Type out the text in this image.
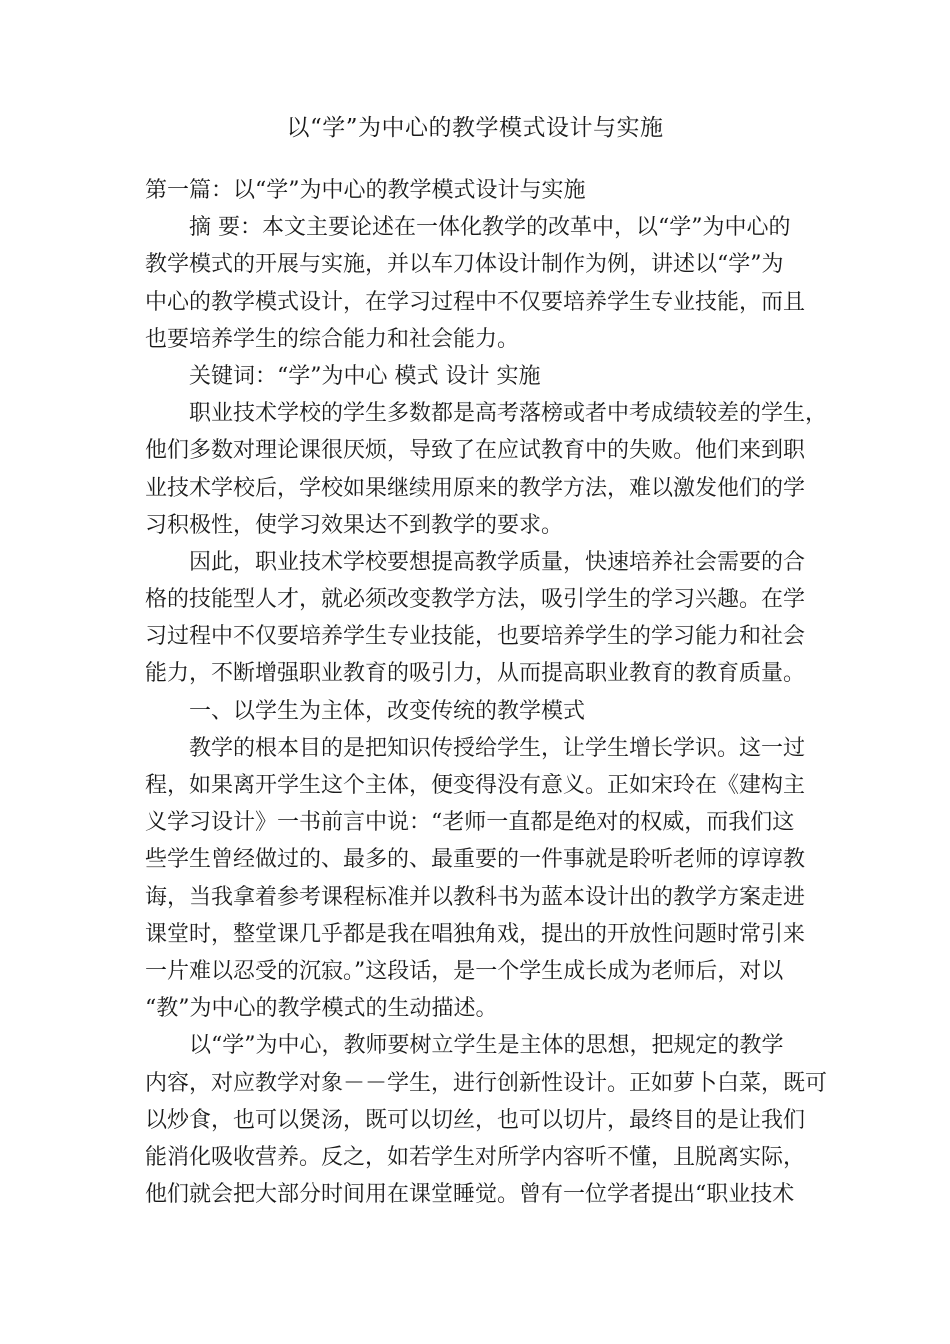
以“学”为中心的教学模式设计与实施
第一篇：以“学”为中心的教学模式设计与实施
摘 要：本文主要论述在一体化教学的改革中，以“学”为中心的
教学模式的开展与实施，并以车刀体设计制作为例，讲述以“学”为
中心的教学模式设计，在学习过程中不仅要培养学生专业技能，而且
也要培养学生的综合能力和社会能力。
关键词：“学”为中心 模式 设计 实施
职业技术学校的学生多数都是高考落榜或者中考成绩较差的学生，
他们多数对理论课很厌烦，导致了在应试教育中的失败。他们来到职
业技术学校后，学校如果继续用原来的教学方法，难以激发他们的学
习积极性，使学习效果达不到教学的要求。
因此，职业技术学校要想提高教学质量，快速培养社会需要的合
格的技能型人才，就必须改变教学方法，吸引学生的学习兴趣。在学
习过程中不仅要培养学生专业技能，也要培养学生的学习能力和社会
能力，不断增强职业教育的吸引力，从而提高职业教育的教育质量。
一、以学生为主体，改变传统的教学模式
教学的根本目的是把知识传授给学生，让学生增长学识。这一过
程，如果离开学生这个主体，便变得没有意义。正如宋玲在《建构主
义学习设计》一书前言中说：“老师一直都是绝对的权威，而我们这
些学生曾经做过的、最多的、最重要的一件事就是聆听老师的谆谆教
诲，当我拿着参考课程标准并以教科书为蓝本设计出的教学方案走进
课堂时，整堂课几乎都是我在唱独角戏，提出的开放性问题时常引来
一片难以忍受的沉寂。”这段话，是一个学生成长成为老师后，对以
“教”为中心的教学模式的生动描述。
以“学”为中心，教师要树立学生是主体的思想，把规定的教学
内容，对应教学对象－－学生，进行创新性设计。正如萝卜白菜，既可
以炒食，也可以煲汤，既可以切丝，也可以切片，最终目的是让我们
能消化吸收营养。反之，如若学生对所学内容听不懂，且脱离实际，
他们就会把大部分时间用在课堂睡觉。曾有一位学者提出“职业技术
